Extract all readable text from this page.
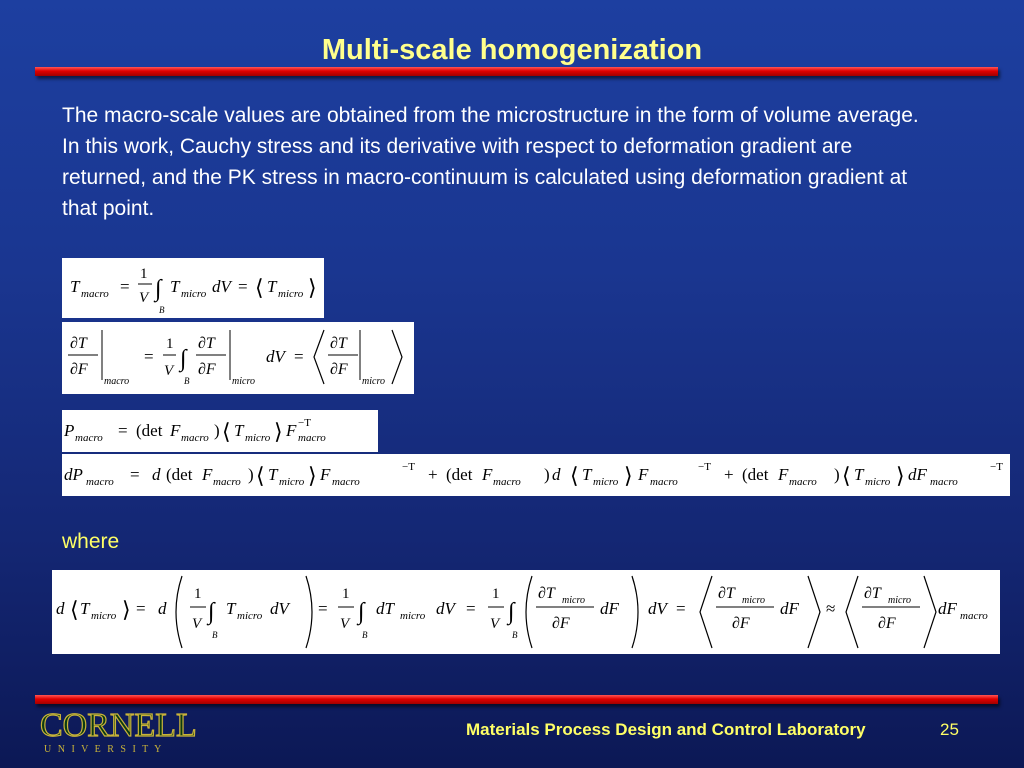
Multi-scale homogenization

The macro-scale values are obtained from the microstructure in the form of volume average.

In this work, Cauchy stress and its derivative with respect to deformation gradient are returned, and the PK stress in macro-continuum is calculated using deformation gradient at that point.

T macro =
1
V ∫
B
T micro dV = ⟨ T micro ⟩
∂T
∂F
macro
=
1
V ∫
B
∂T
∂F
micro
dV =
∂T
∂F
micro
P macro = (det F macro ) ⟨ T micro ⟩ F −T
macro
dP macro = d (det F macro ) ⟨ T micro ⟩ F macro
−T + (det F macro ) d ⟨ T micro ⟩ F macro
−T + (det F macro ) ⟨ T micro ⟩ dF macro
−T
where
d ⟨ T micro ⟩ = d
1
V ∫
B
T micro dV =
1
V ∫
B
dT micro dV =
1
V ∫
B
∂T micro
∂F
dF dV =
∂T micro
∂F
dF ≈
∂T micro
∂F
dF macro
CORNELL
U N I V E R S I T Y
Materials Process Design and Control Laboratory	25
